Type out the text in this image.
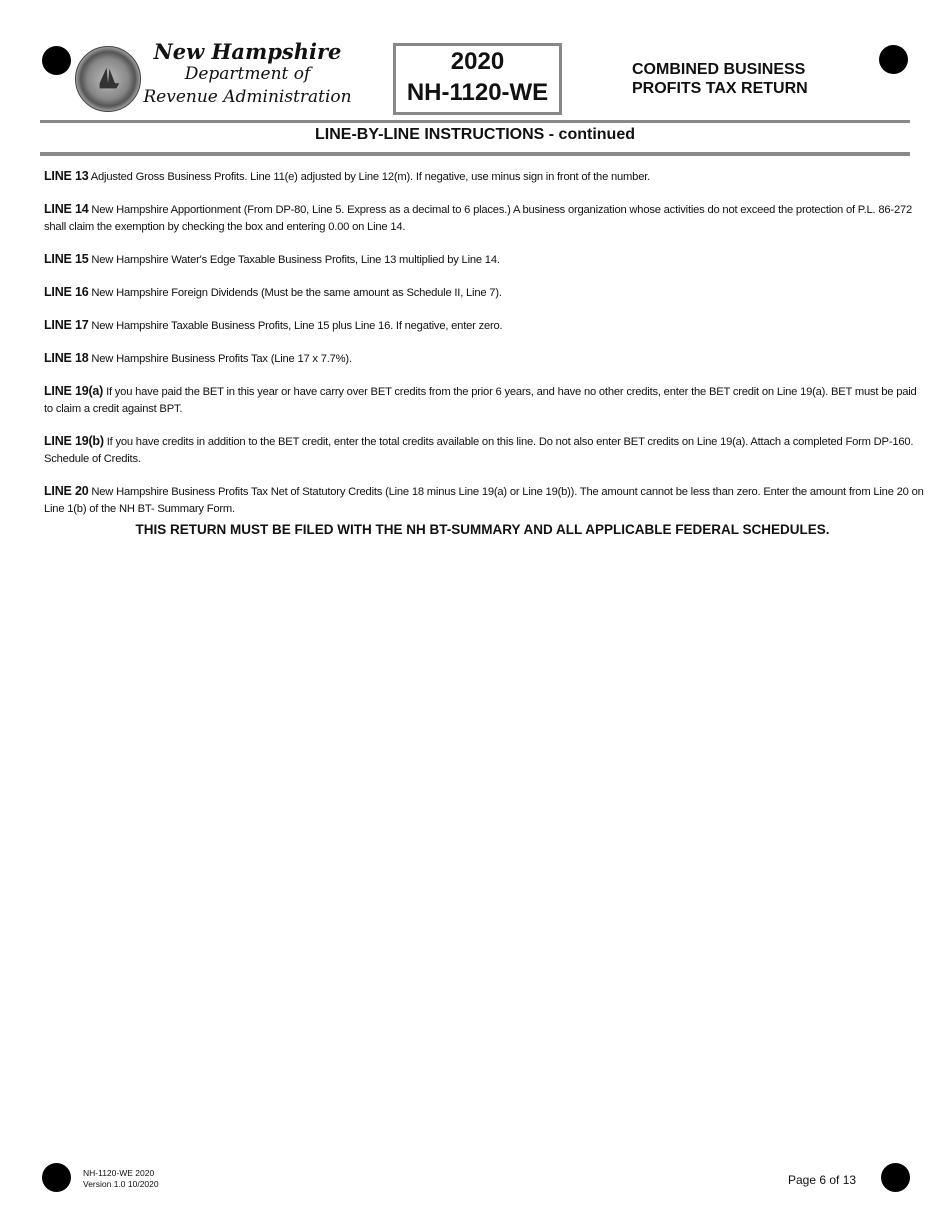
New Hampshire
Department of
Revenue Administration
2020
NH-1120-WE
COMBINED BUSINESS
PROFITS TAX RETURN
LINE-BY-LINE INSTRUCTIONS - continued

LINE 13 Adjusted Gross Business Profits. Line 11(e) adjusted by Line 12(m). If negative, use minus sign in front of the number.

LINE 14 New Hampshire Apportionment (From DP-80, Line 5. Express as a decimal to 6 places.) A business organization whose activities do not exceed the protection of P.L. 86-272 shall claim the exemption by checking the box and entering 0.00 on Line 14.

LINE 15 New Hampshire Water's Edge Taxable Business Profits, Line 13 multiplied by Line 14.

LINE 16 New Hampshire Foreign Dividends (Must be the same amount as Schedule II, Line 7).

LINE 17 New Hampshire Taxable Business Profits, Line 15 plus Line 16. If negative, enter zero.

LINE 18 New Hampshire Business Profits Tax (Line 17 x 7.7%).

LINE 19(a) If you have paid the BET in this year or have carry over BET credits from the prior 6 years, and have no other credits, enter the BET credit on Line 19(a). BET must be paid to claim a credit against BPT.

LINE 19(b) If you have credits in addition to the BET credit, enter the total credits available on this line. Do not also enter BET credits on Line 19(a). Attach a completed Form DP-160. Schedule of Credits.

LINE 20 New Hampshire Business Profits Tax Net of Statutory Credits (Line 18 minus Line 19(a) or Line 19(b)). The amount cannot be less than zero. Enter the amount from Line 20 on Line 1(b) of the NH BT- Summary Form.

THIS RETURN MUST BE FILED WITH THE NH BT-SUMMARY AND ALL APPLICABLE FEDERAL SCHEDULES.
NH-1120-WE 2020
Version 1.0 10/2020	Page 6 of 13
